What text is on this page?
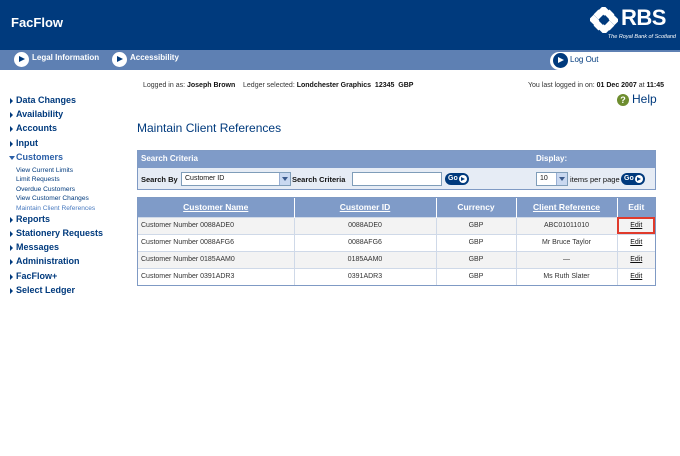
FacFlow	RBS
The Royal Bank of Scotland
Legal Information	Accessibility	Log Out
Logged in as: Joseph Brown Ledger selected: Londchester Graphics  12345  GBP	You last logged in on: 01 Dec 2007 at 11:45
? Help
Data Changes
Availability
Accounts
Input
Customers
View Current Limits
Limit Requests
Overdue Customers
View Customer Changes
Maintain Client References
Reports
Stationery Requests
Messages
Administration
FacFlow+
Select Ledger
Maintain Client References
Search Criteria	Display:
Search By	Customer ID	Search Criteria	Go	10	items per page Go
Customer Name	Customer ID	Currency	Client Reference	Edit
Customer Number 0088ADE0	0088ADE0	GBP	ABC01011010	Edit
Customer Number 0088AFG6	0088AFG6	GBP	Mr Bruce Taylor	Edit
Customer Number 0185AAM0	0185AAM0	GBP	—	Edit
Customer Number 0391ADR3	0391ADR3	GBP	Ms Ruth Slater	Edit
